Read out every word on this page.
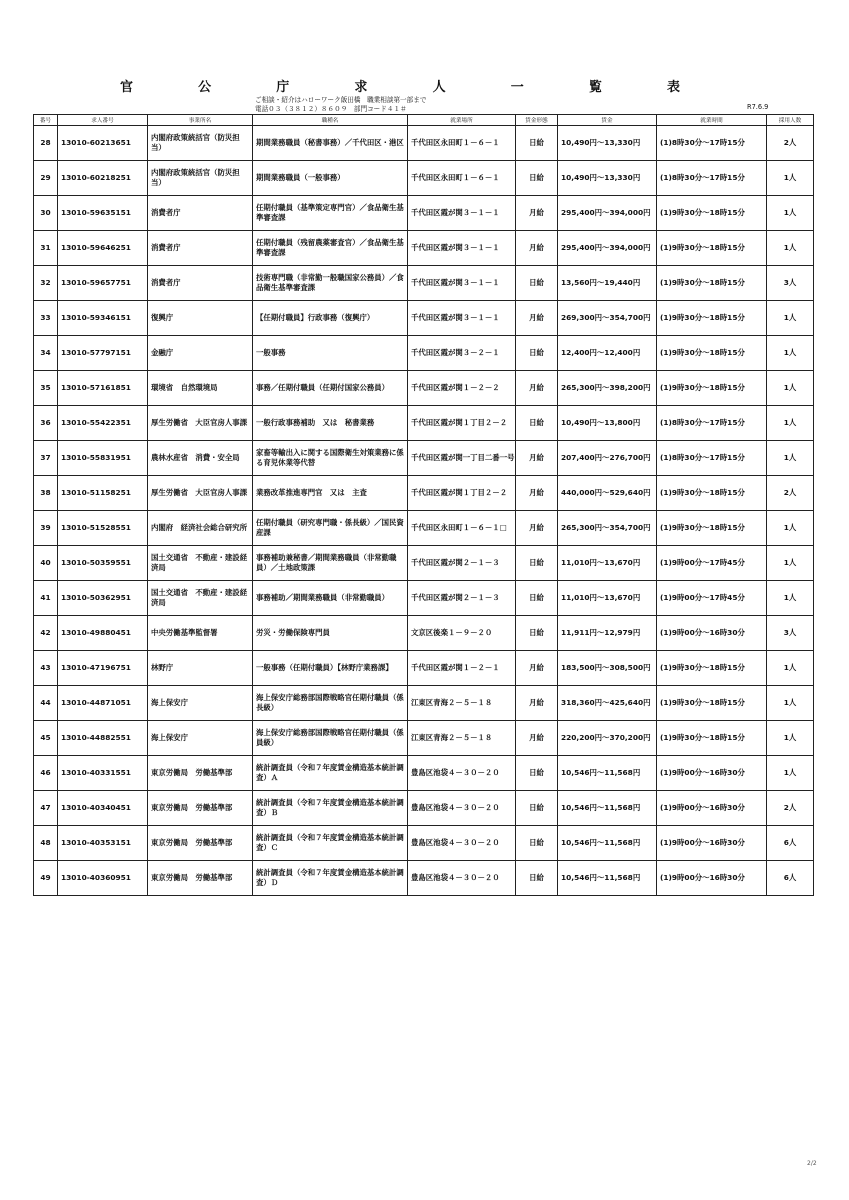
官	公	庁	求	人	一	覧	表
ご相談・紹介はハローワーク飯田橋　職業相談第一部まで
電話０３（３８１２）８６０９　部門コード４１＃	R7.6.9
番号	求人番号	事業所名	職種名	就業場所	賃金形態	賃金	就業時間	採用人数
28	13010-60213651	内閣府政策統括官（防災担当）	期間業務職員（秘書事務）／千代田区・港区	千代田区永田町１－６－１	日給	10,490円～13,330円	(1)8時30分～17時15分	2人
29	13010-60218251	内閣府政策統括官（防災担当）	期間業務職員（一般事務）	千代田区永田町１－６－１	日給	10,490円～13,330円	(1)8時30分～17時15分	1人
30	13010-59635151	消費者庁	任期付職員（基準策定専門官）／食品衛生基準審査課	千代田区霞が関３－１－１	月給	295,400円～394,000円	(1)9時30分～18時15分	1人
31	13010-59646251	消費者庁	任期付職員（残留農薬審査官）／食品衛生基準審査課	千代田区霞が関３－１－１	月給	295,400円～394,000円	(1)9時30分～18時15分	1人
32	13010-59657751	消費者庁	技術専門職（非常勤一般職国家公務員）／食品衛生基準審査課	千代田区霞が関３－１－１	日給	13,560円～19,440円	(1)9時30分～18時15分	3人
33	13010-59346151	復興庁	【任期付職員】行政事務（復興庁）	千代田区霞が関３－１－１	月給	269,300円～354,700円	(1)9時30分～18時15分	1人
34	13010-57797151	金融庁	一般事務	千代田区霞が関３－２－１	日給	12,400円～12,400円	(1)9時30分～18時15分	1人
35	13010-57161851	環境省　自然環境局	事務／任期付職員（任期付国家公務員）	千代田区霞が関１－２－２	月給	265,300円～398,200円	(1)9時30分～18時15分	1人
36	13010-55422351	厚生労働省　大臣官房人事課	一般行政事務補助　又は　秘書業務	千代田区霞が関１丁目２－２	日給	10,490円～13,800円	(1)8時30分～17時15分	1人
37	13010-55831951	農林水産省　消費・安全局	家畜等輸出入に関する国際衛生対策業務に係る育児休業等代替	千代田区霞が関一丁目二番一号	月給	207,400円～276,700円	(1)8時30分～17時15分	1人
38	13010-51158251	厚生労働省　大臣官房人事課	業務改革推進専門官　又は　主査	千代田区霞が関１丁目２－２	月給	440,000円～529,640円	(1)9時30分～18時15分	2人
39	13010-51528551	内閣府　経済社会総合研究所	任期付職員（研究専門職・係長級）／国民資産課	千代田区永田町１－６－１□	月給	265,300円～354,700円	(1)9時30分～18時15分	1人
40	13010-50359551	国土交通省　不動産・建設経済局	事務補助兼秘書／期間業務職員（非常勤職員）／土地政策課	千代田区霞が関２－１－３	日給	11,010円～13,670円	(1)9時00分～17時45分	1人
41	13010-50362951	国土交通省　不動産・建設経済局	事務補助／期間業務職員（非常勤職員）	千代田区霞が関２－１－３	日給	11,010円～13,670円	(1)9時00分～17時45分	1人
42	13010-49880451	中央労働基準監督署	労災・労働保険専門員	文京区後楽１－９－２０	日給	11,911円～12,979円	(1)9時00分～16時30分	3人
43	13010-47196751	林野庁	一般事務（任期付職員）【林野庁業務課】	千代田区霞が関１－２－１	月給	183,500円～308,500円	(1)9時30分～18時15分	1人
44	13010-44871051	海上保安庁	海上保安庁総務部国際戦略官任期付職員（係長級）	江東区青海２－５－１８	月給	318,360円～425,640円	(1)9時30分～18時15分	1人
45	13010-44882551	海上保安庁	海上保安庁総務部国際戦略官任期付職員（係員級）	江東区青海２－５－１８	月給	220,200円～370,200円	(1)9時30分～18時15分	1人
46	13010-40331551	東京労働局　労働基準部	統計調査員（令和７年度賃金構造基本統計調査）Ａ	豊島区池袋４－３０－２０	日給	10,546円～11,568円	(1)9時00分～16時30分	1人
47	13010-40340451	東京労働局　労働基準部	統計調査員（令和７年度賃金構造基本統計調査）Ｂ	豊島区池袋４－３０－２０	日給	10,546円～11,568円	(1)9時00分～16時30分	2人
48	13010-40353151	東京労働局　労働基準部	統計調査員（令和７年度賃金構造基本統計調査）Ｃ	豊島区池袋４－３０－２０	日給	10,546円～11,568円	(1)9時00分～16時30分	6人
49	13010-40360951	東京労働局　労働基準部	統計調査員（令和７年度賃金構造基本統計調査）Ｄ	豊島区池袋４－３０－２０	日給	10,546円～11,568円	(1)9時00分～16時30分	6人
2/2
